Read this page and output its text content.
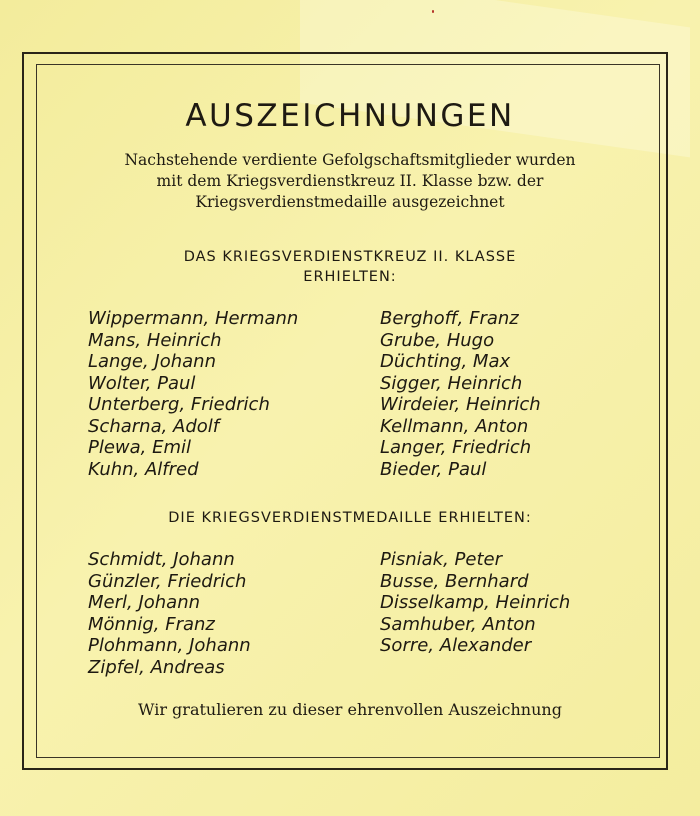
AUSZEICHNUNGEN
Nachstehende verdiente Gefolgschaftsmitglieder wurden
mit dem Kriegsverdienstkreuz II. Klasse bzw. der
Kriegsverdienstmedaille ausgezeichnet
DAS KRIEGSVERDIENSTKREUZ II. KLASSE
ERHIELTEN:
Wippermann, Hermann
Mans, Heinrich
Lange, Johann
Wolter, Paul
Unterberg, Friedrich
Scharna, Adolf
Plewa, Emil
Kuhn, Alfred
Berghoff, Franz
Grube, Hugo
Düchting, Max
Sigger, Heinrich
Wirdeier, Heinrich
Kellmann, Anton
Langer, Friedrich
Bieder, Paul
DIE KRIEGSVERDIENSTMEDAILLE ERHIELTEN:
Schmidt, Johann
Günzler, Friedrich
Merl, Johann
Mönnig, Franz
Plohmann, Johann
Zipfel, Andreas
Pisniak, Peter
Busse, Bernhard
Disselkamp, Heinrich
Samhuber, Anton
Sorre, Alexander
Wir gratulieren zu dieser ehrenvollen Auszeichnung
